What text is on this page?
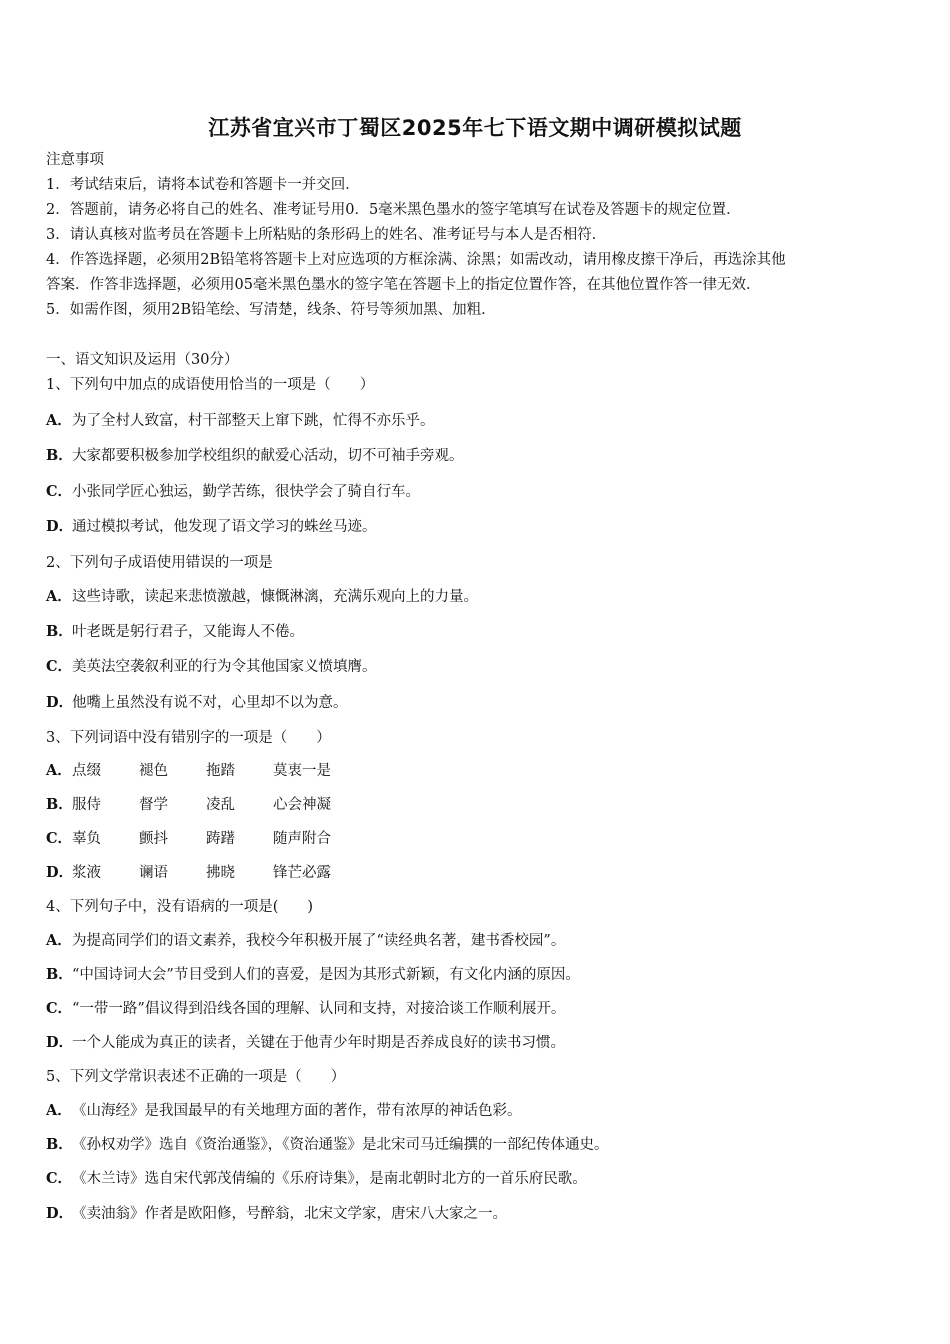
江苏省宜兴市丁蜀区2025年七下语文期中调研模拟试题
注意事项
1．考试结束后，请将本试卷和答题卡一并交回．
2．答题前，请务必将自己的姓名、准考证号用0．5毫米黑色墨水的签字笔填写在试卷及答题卡的规定位置．
3．请认真核对监考员在答题卡上所粘贴的条形码上的姓名、准考证号与本人是否相符．
4．作答选择题，必须用2B铅笔将答题卡上对应选项的方框涂满、涂黑；如需改动，请用橡皮擦干净后，再选涂其他
答案．作答非选择题，必须用05毫米黑色墨水的签字笔在答题卡上的指定位置作答，在其他位置作答一律无效．
5．如需作图，须用2B铅笔绘、写清楚，线条、符号等须加黑、加粗．
一、语文知识及运用（30分）
1、下列句中加点的成语使用恰当的一项是（　　）
A．为了全村人致富，村干部整天上窜下跳，忙得不亦乐乎。
B．大家都要积极参加学校组织的献爱心活动，切不可袖手旁观。
C．小张同学匠心独运，勤学苦练，很快学会了骑自行车。
D．通过模拟考试，他发现了语文学习的蛛丝马迹。
2、下列句子成语使用错误的一项是
A．这些诗歌，读起来悲愤激越，慷慨淋漓，充满乐观向上的力量。
B．叶老既是躬行君子，又能诲人不倦。
C．美英法空袭叙利亚的行为令其他国家义愤填膺。
D．他嘴上虽然没有说不对，心里却不以为意。
3、下列词语中没有错别字的一项是（　　）
A．点缀	褪色	拖踏	莫衷一是
B．服侍	督学	凌乱	心会神凝
C．辜负	颤抖	踌躇	随声附合
D．浆液	谰语	拂晓	锋芒必露
4、下列句子中，没有语病的一项是(　　)
A．为提高同学们的语文素养，我校今年积极开展了“读经典名著，建书香校园”。
B．“中国诗词大会”节目受到人们的喜爱，是因为其形式新颖，有文化内涵的原因。
C．“一带一路”倡议得到沿线各国的理解、认同和支持，对接洽谈工作顺利展开。
D．一个人能成为真正的读者，关键在于他青少年时期是否养成良好的读书习惯。
5、下列文学常识表述不正确的一项是（　　）
A．《山海经》是我国最早的有关地理方面的著作，带有浓厚的神话色彩。
B．《孙权劝学》选自《资治通鉴》，《资治通鉴》是北宋司马迁编撰的一部纪传体通史。
C．《木兰诗》选自宋代郭茂倩编的《乐府诗集》，是南北朝时北方的一首乐府民歌。
D．《卖油翁》作者是欧阳修，号醉翁，北宋文学家，唐宋八大家之一。
